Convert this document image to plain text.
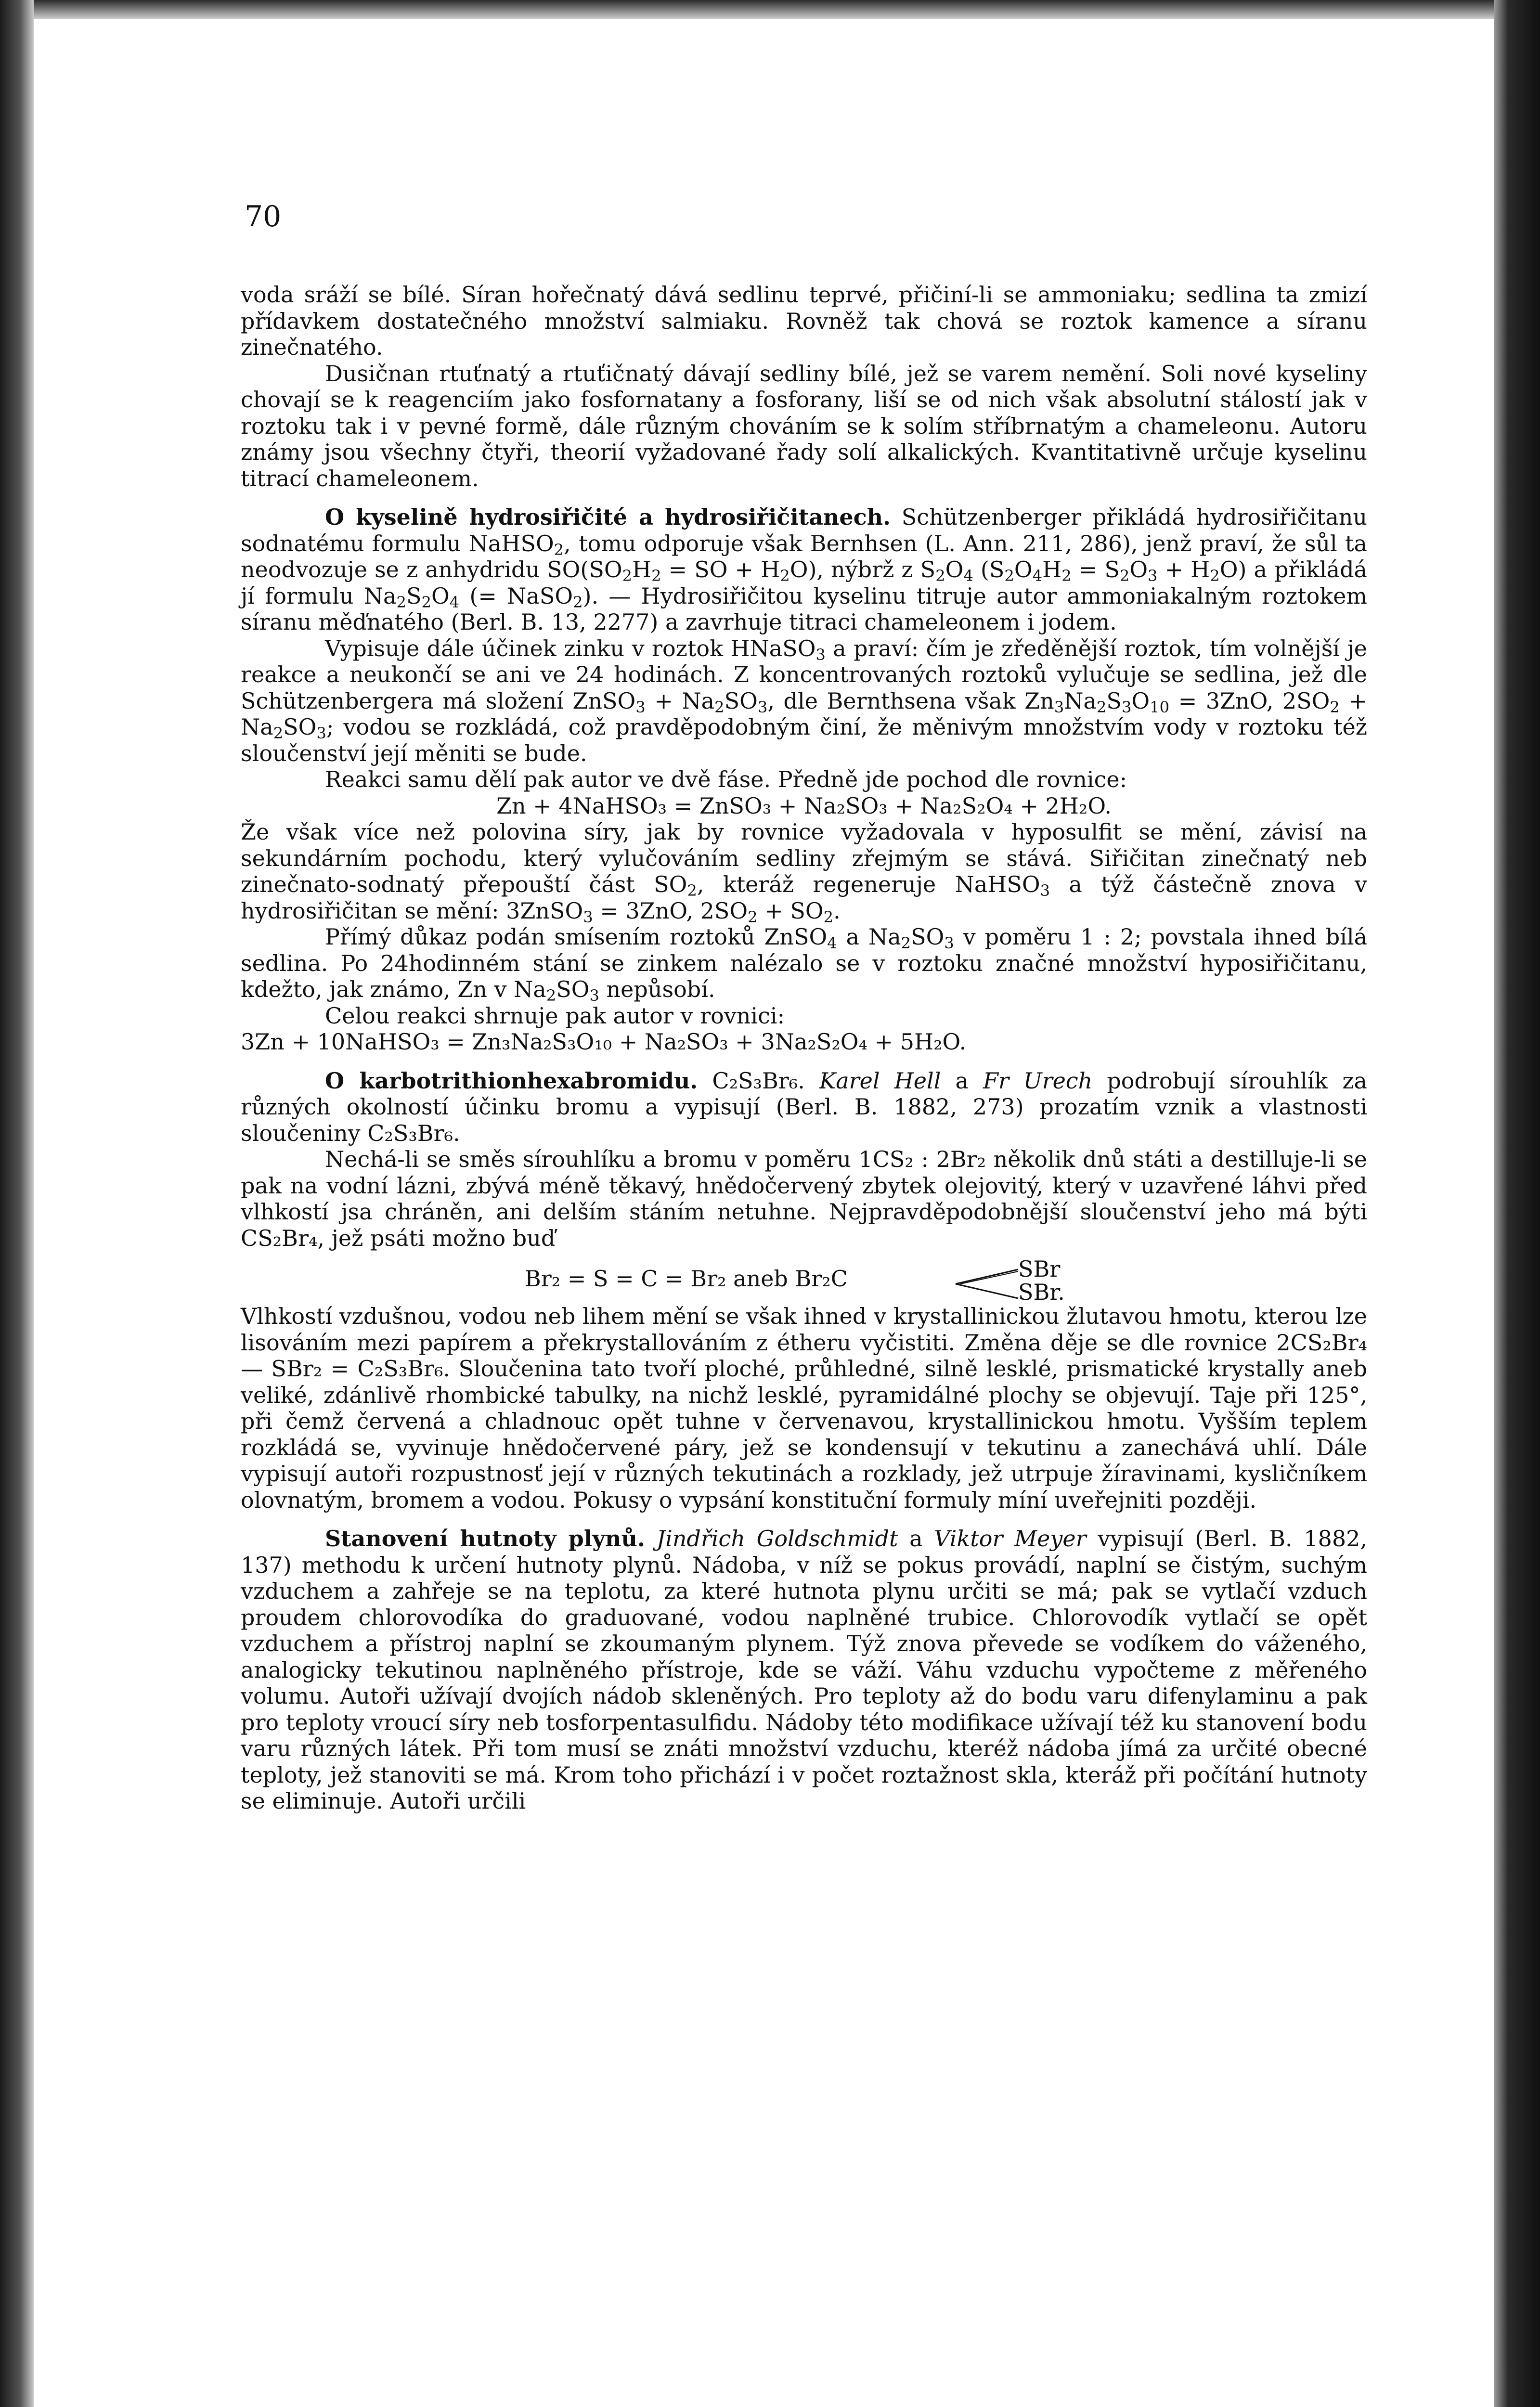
70

voda sráží se bílé. Síran hořečnatý dává sedlinu teprvé, přičiní-li se ammoniaku; sedlina ta zmizí přídavkem dostatečného množství salmiaku. Rovněž tak chová se roztok kamence a síranu zinečnatého.

Dusičnan rtuťnatý a rtuťičnatý dávají sedliny bílé, jež se varem nemění. Soli nové kyseliny chovají se k reagenciím jako fosfornatany a fosforany, liší se od nich však absolutní stálostí jak v roztoku tak i v pevné formě, dále různým chováním se k solím stříbrnatým a chameleonu. Autoru známy jsou všechny čtyři, theorií vyžadované řady solí alkalických. Kvantitativně určuje kyselinu titrací chameleonem.

O kyselině hydrosiřičité a hydrosiřičitanech. Schützenberger přikládá hydrosiřičitanu sodnatému formulu NaHSO$_2$, tomu odporuje však Bernhsen (L. Ann. 211, 286), jenž praví, že sůl ta neodvozuje se z anhydridu $SO(SO_2H_2$ = SO + $H_2O$), nýbrž z $S_2O_4$ $(S_2O_4H_2 = S_2O_3 + H_2O)$ a přikládá jí formulu $Na_2S_2O_4$ (= NaSO$_2$). — Hydrosiřičitou kyselinu titruje autor ammoniakalným roztokem síranu měďnatého (Berl. B. 13, 2277) a zavrhuje titraci chameleonem i jodem.

Vypisuje dále účinek zinku v roztok HNaSO$_3$ a praví: čím je zředěnější roztok, tím volnější je reakce a neukončí se ani ve 24 hodinách. Z koncentrovaných roztoků vylučuje se sedlina, jež dle Schützenbergera má složení ZnSO$_3$ + $Na_2SO_3$, dle Bernthsena však $Zn_3Na_2S_3O_{10} = 3ZnO$, $2SO_2 + Na_2SO_3$; vodou se rozkládá, což pravděpodobným činí, že měnivým množstvím vody v roztoku též sloučenství její měniti se bude.

Reakci samu dělí pak autor ve dvě fáse. Předně jde pochod dle rovnice:

Zn + 4NaHSO₃ = ZnSO₃ + Na₂SO₃ + Na₂S₂O₄ + 2H₂O.

Že však více než polovina síry, jak by rovnice vyžadovala v hyposulfit se mění, závisí na sekundárním pochodu, který vylučováním sedliny zřejmým se stává. Siřičitan zinečnatý neb zinečnato-sodnatý přepouští část $SO_2$, kteráž regeneruje NaHSO$_3$ a týž částečně znova v hydrosiřičitan se mění: 3ZnSO$_3$ = 3ZnO, $2SO_2 + SO_2$.

Přímý důkaz podán smísením roztoků ZnSO$_4$ a $Na_2SO_3$ v poměru 1 : 2; povstala ihned bílá sedlina. Po 24hodinném stání se zinkem nalézalo se v roztoku značné množství hyposiřičitanu, kdežto, jak známo, Zn v $Na_2SO_3$ nepůsobí.

Celou reakci shrnuje pak autor v rovnici:

3Zn + 10NaHSO₃ = Zn₃Na₂S₃O₁₀ + Na₂SO₃ + 3Na₂S₂O₄ + 5H₂O.

O karbotrithionhexabromidu. C₂S₃Br₆. Karel Hell a Fr Urech podrobují sírouhlík za různých okolností účinku bromu a vypisují (Berl. B. 1882, 273) prozatím vznik a vlastnosti sloučeniny C₂S₃Br₆.

Nechá-li se směs sírouhlíku a bromu v poměru 1CS₂ : 2Br₂ několik dnů státi a destilluje-li se pak na vodní lázni, zbývá méně těkavý, hnědočervený zbytek olejovitý, který v uzavřené láhvi před vlhkostí jsa chráněn, ani delším stáním netuhne. Nejpravděpodobnější sloučenství jeho má býti CS₂Br₄, jež psáti možno buď

Br₂ = S = C = Br₂ aneb Br₂C	SBr
SBr.

Vlhkostí vzdušnou, vodou neb lihem mění se však ihned v krystallinickou žlutavou hmotu, kterou lze lisováním mezi papírem a překrystallováním z étheru vyčistiti. Změna děje se dle rovnice 2CS₂Br₄ — SBr₂ = C₂S₃Br₆. Sloučenina tato tvoří ploché, průhledné, silně lesklé, prismatické krystally aneb veliké, zdánlivě rhombické tabulky, na nichž lesklé, pyramidálné plochy se objevují. Taje při 125°, při čemž červená a chladnouc opět tuhne v červenavou, krystallinickou hmotu. Vyšším teplem rozkládá se, vyvinuje hnědočervené páry, jež se kondensují v tekutinu a zanechává uhlí. Dále vypisují autoři rozpustnosť její v různých tekutinách a rozklady, jež utrpuje žíravinami, kysličníkem olovnatým, bromem a vodou. Pokusy o vypsání konstituční formuly míní uveřejniti později.

Stanovení hutnoty plynů. Jindřich Goldschmidt a Viktor Meyer vypisují (Berl. B. 1882, 137) methodu k určení hutnoty plynů. Nádoba, v níž se pokus provádí, naplní se čistým, suchým vzduchem a zahřeje se na teplotu, za které hutnota plynu určiti se má; pak se vytlačí vzduch proudem chlorovodíka do graduované, vodou naplněné trubice. Chlorovodík vytlačí se opět vzduchem a přístroj naplní se zkoumaným plynem. Týž znova převede se vodíkem do váženého, analogicky tekutinou naplněného přístroje, kde se váží. Váhu vzduchu vypočteme z měřeného volumu. Autoři užívají dvojích nádob skleněných. Pro teploty až do bodu varu difenylaminu a pak pro teploty vroucí síry neb tosforpentasulfidu. Nádoby této modifikace užívají též ku stanovení bodu varu různých látek. Při tom musí se znáti množství vzduchu, kteréž nádoba jímá za určité obecné teploty, jež stanoviti se má. Krom toho přichází i v počet roztažnost skla, kteráž při počítání hutnoty se eliminuje. Autoři určili
